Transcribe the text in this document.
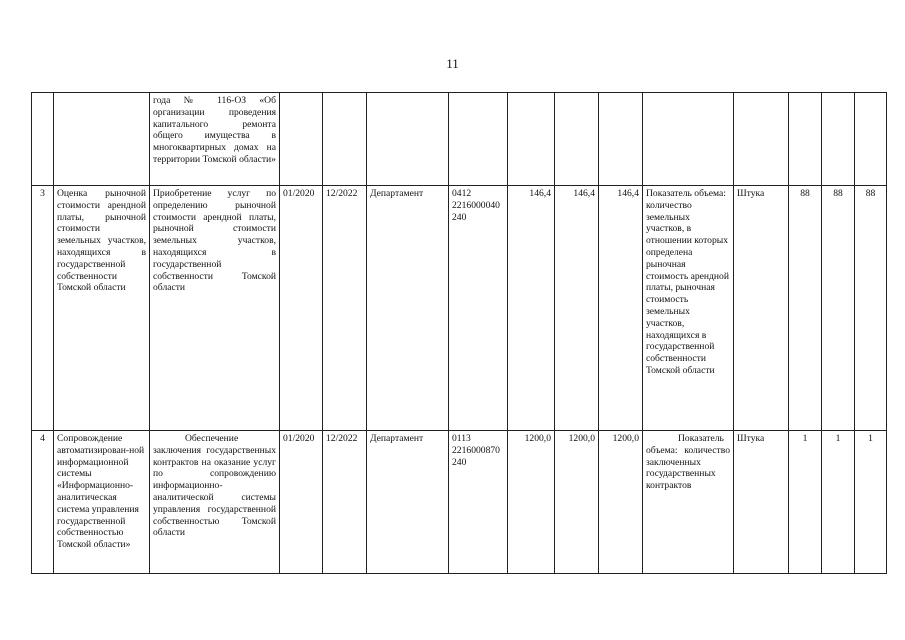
11
		года № 116-ОЗ «Об организации проведения капитального ремонта общего имущества в многоквартирных домах на территории Томской области»												
3	Оценка рыночной стоимости арендной платы, рыночной стоимости земельных участков, находящихся в государственной собственности Томской области	Приобретение услуг по определению рыночной стоимости арендной платы, рыночной стоимости земельных участков, находящихся в государственной собственности Томской области	01/2020	12/2022	Департамент	0412 2216000040 240	146,4	146,4	146,4	Показатель объема: количество земельных участков, в отношении которых определена рыночная стоимость арендной платы, рыночная стоимость земельных участков, находящихся в государственной собственности Томской области	Штука	88	88	88
4	Сопровождение автоматизирован-ной информационной системы «Информационно-аналитическая система управления государственной собственностью Томской области»	Обеспечение заключения государственных контрактов на оказание услуг по сопровождению информационно-аналитической системы управления государственной собственностью Томской области	01/2020	12/2022	Департамент	0113 2216000870 240	1200,0	1200,0	1200,0	Показатель объема: количество заключенных государственных контрактов	Штука	1	1	1
